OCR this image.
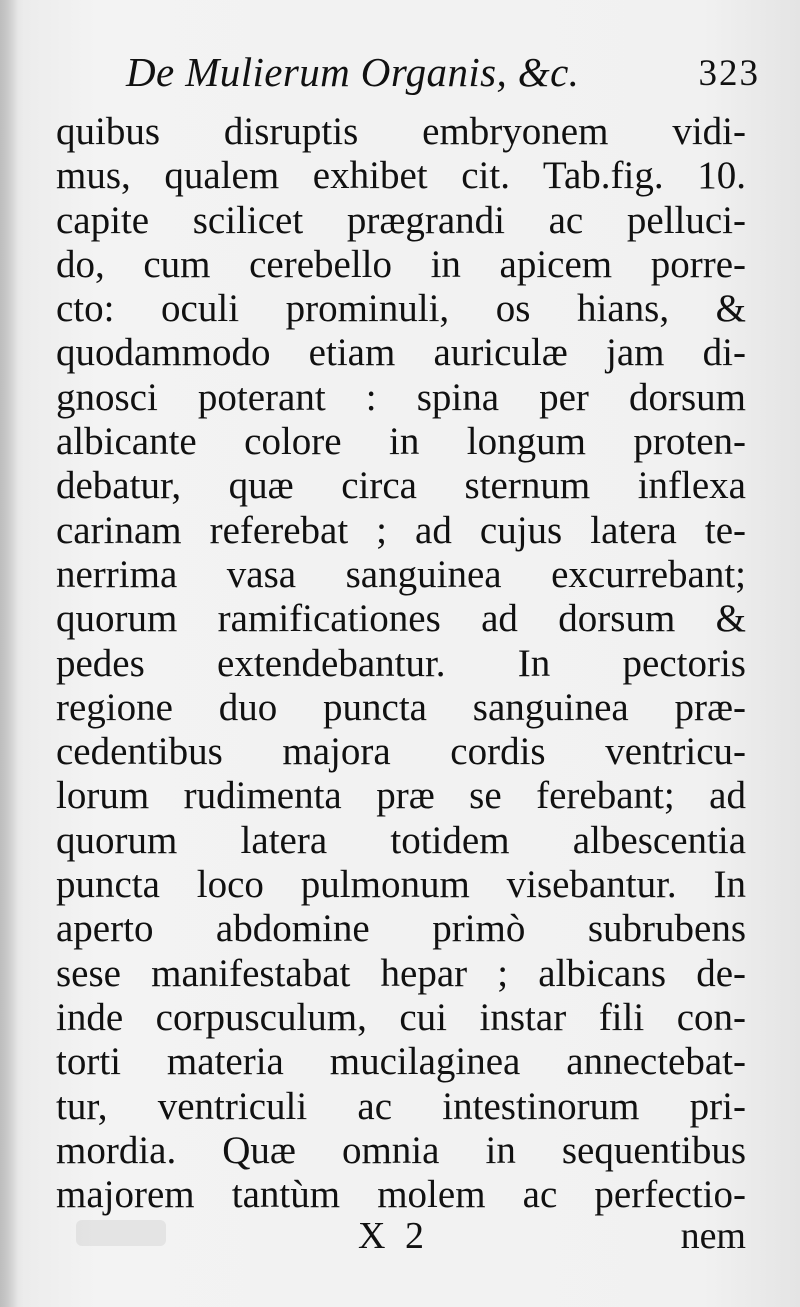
De Mulierum Organis, &c.	323
quibus disruptis embryonem vidi-
mus, qualem exhibet cit. Tab.fig. 10.
capite scilicet prægrandi ac pelluci-
do, cum cerebello in apicem porre-
cto: oculi prominuli, os hians, &
quodammodo etiam auriculæ jam di-
gnosci poterant : spina per dorsum
albicante colore in longum proten-
debatur, quæ circa sternum inflexa
carinam referebat ; ad cujus latera te-
nerrima vasa sanguinea excurrebant;
quorum ramificationes ad dorsum &
pedes extendebantur. In pectoris
regione duo puncta sanguinea præ-
cedentibus majora cordis ventricu-
lorum rudimenta præ se ferebant; ad
quorum latera totidem albescentia
puncta loco pulmonum visebantur. In
aperto abdomine primò subrubens
sese manifestabat hepar ; albicans de-
inde corpusculum, cui instar fili con-
torti materia mucilaginea annectebat-
tur, ventriculi ac intestinorum pri-
mordia. Quæ omnia in sequentibus
majorem tantùm molem ac perfectio-
X 2	nem
